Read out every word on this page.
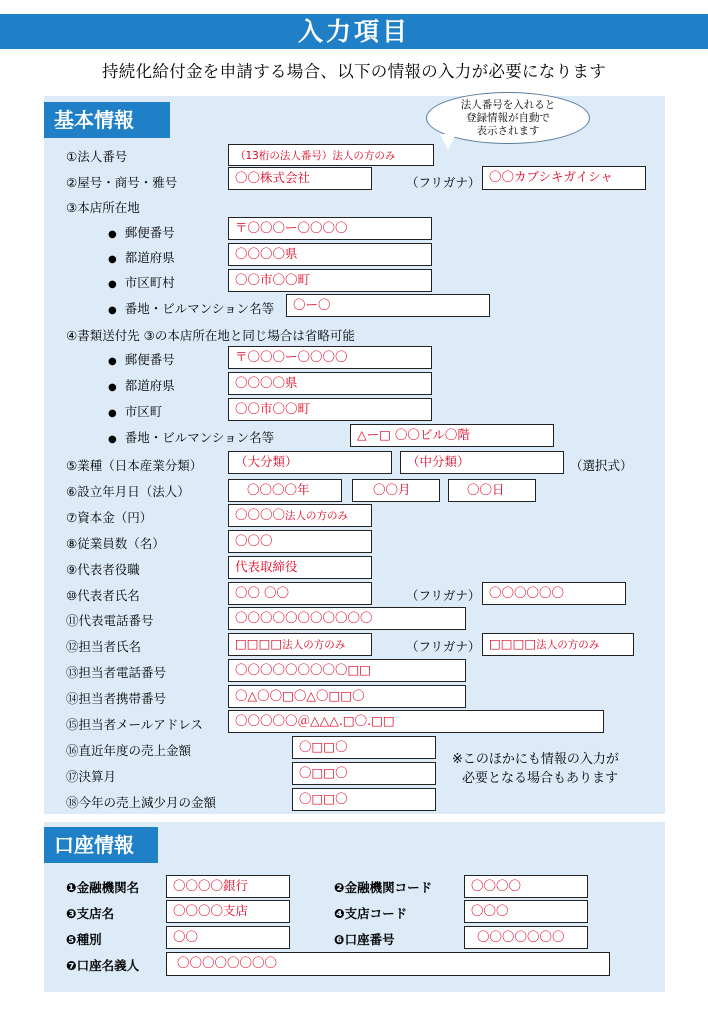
入力項目
持続化給付金を申請する場合、以下の情報の入力が必要になります
基本情報
法人番号を入れると
登録情報が自動で
表示されます
①法人番号	（13桁の法人番号）法人の方のみ
②屋号・商号・雅号	〇〇株式会社	（フリガナ） 〇〇カブシキガイシャ
③本店所在地
● 郵便番号	〒〇〇〇ー〇〇〇〇
● 都道府県	〇〇〇〇県
● 市区町村	〇〇市〇〇町
● 番地・ビルマンション名等	〇ー〇
④書類送付先 ③の本店所在地と同じ場合は省略可能
● 郵便番号	〒〇〇〇ー〇〇〇〇
● 都道府県	〇〇〇〇県
● 市区町	〇〇市〇〇町
● 番地・ビルマンション名等	△ー□ 〇〇ビル〇階
⑤業種（日本産業分類）	（大分類）	（中分類）	（選択式）
⑥設立年月日（法人）	〇〇〇〇年	〇〇月	〇〇日
⑦資本金（円）	〇〇〇〇法人の方のみ
⑧従業員数（名）	〇〇〇
⑨代表者役職	代表取締役
⑩代表者氏名	〇〇 〇〇	（フリガナ） 〇〇〇〇〇〇
⑪代表電話番号	〇〇〇〇〇〇〇〇〇〇〇
⑫担当者氏名	□□□□法人の方のみ	（フリガナ） □□□□法人の方のみ
⑬担当者電話番号	〇〇〇〇〇〇〇〇〇□□
⑭担当者携帯番号	〇△〇〇□〇△〇□□〇
⑮担当者メールアドレス	〇〇〇〇〇＠△△△.□〇.□□
⑯直近年度の売上金額	〇□□〇
⑰決算月	〇□□〇
⑱今年の売上減少月の金額	〇□□〇
※このほかにも情報の入力が
必要となる場合もあります
口座情報
❶金融機関名	〇〇〇〇銀行	❷金融機関コード	〇〇〇〇
❸支店名	〇〇〇〇支店	❹支店コード	〇〇〇
❺種別	〇〇	❻口座番号	〇〇〇〇〇〇〇
❼口座名義人	〇〇〇〇〇〇〇〇
